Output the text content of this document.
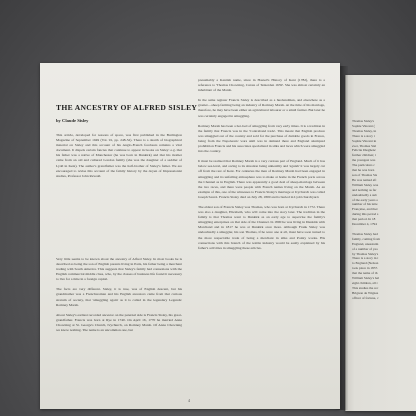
Thomas Sisley's

Sophie Vincent (

Thomas Sisley, in

There is a story t

Sophie Vincent in

ever, Thomas Sisl

Felicite Dieghenc

further children; t

the youngest was

The particulars c

that he was born

son of Thomas Sis

He was named aft

William Sisley was

and nothing as far

undoubtedly a sub

of the early years o

number of his lette

Française, and ther

during this period s

that period. In 18

December 4, 1794

Thomas Sisley had

family, coming from

England, unassistin

of a number of yea

by Thomas Sisley's

There is a story in t

to England (Nelson

took place in 1837.

that the name of th

William Sisley's hal

eight children, all r

This studies the rec

Brignon de Wignas

officer of fortune, c

THE ANCESTRY OF ALFRED SISLEY
by Claude Sisley

This article, developed for reasons of space, was first published in the Burlington Magazine of September 1949 (Vol. 91, pp. 248-52). There is a dearth of biographical material on Sisley and this account of his Anglo-French forebears remains a vital document. It dispels certain fancies that continue to appear in books on Sisley: e.g. that his father was a native of Manchester (he was born in Dunkirk) and that his mother came from an old and cultured London family (she was the daughter of a saddler of Lydd in Kent). The author's grandfather was the half-brother of Sisley's father. We are encouraged to revise this account of the family history by the doyen of Impressionist studies, Professor John Rewald.

Very little seems to be known about the ancestry of Alfred Sisley. In most books he is described as being the son of English parents living in Paris, his father being a merchant trading with South America. This suggests that Sisley's family had connexions with the English commercial middle class, who, by the classes of business life found it necessary to live for a time in a foreign capital.

The facts are very different. Sisley, it is true, was of English descent, but his grandmother was a Frenchwoman and his English ancestors came from that curious stratum of society, that 'smuggling again' as it is called in the legendary Legends: Romney Marsh.

About Sisley's earliest recorded ancestor on the paternal side is Francis Sisley, his great-grandfather. Francis was born at Rye in 1740. On April 16, 1770 he married Anna Chowning at St. George's Church, Ivychurch, on Romney Marsh. Of Anna Chowning we know nothing. The name is an uncommon one, but

presumably a Kentish name, since in Hasted's History of Kent (1782), there is a reference to 'Thomas Chowning, Curate of Tenterden 1639'. She was almost certainly an inhabitant of the Marsh.

In the same register Francis Sisley is described as a husbandman, and elsewhere as a grazier—sheep farming being an industry of Romney Marsh. At the time of his marriage, therefore, he may have been either an agricultural labourer or a small farmer. But later he was certainly engaged in smuggling.

Romney Marsh has been a hot-bed of smuggling from very early times. It is a tradition in the family that Francis was in the 'Contraband trade'. This meant that English produce was smuggled out of the country and sold for the purchase of dutiable goods in France, being from the Napoleonic wars until was in demand there and England attempted prohibition Francis and his associates specialized in silks and laces which were smuggled into the country.

It must be realised that Romney Marsh is a very curious part of England. Much of it has below sea-level, and owing to its situation being unhealthy and 'aguish' it was largely cut off from the rest of Kent. For centuries the men of Romney Marsh had been engaged in smuggling and its unfailing atmosphere was to make at home in the French ports across the Channel as in English. There was apparently a good deal of sheep-marriage between the two races, and there were people with French names living on the Marsh. As an example of this, one of the witnesses to Francis Sisley's marriage at Ivychurch was called Joseph Sauvé. Francis Sisley died on July 28, 1800 and is buried in Lydd churchyard.

The eldest son of Francis Sisley was Thomas, who was born at Ivychurch in 1772. There was also a daughter, Elizabeth, who will come into the story later. The tradition in the family is that Thomas went to Dunkirk as an early age to supervise the family's smuggling enterprises on that side of the Channel. In 1800 he was living in Dunkirk with Marchand and in 1817 he was at Dunkirk once more. Although Frank Sisley was undoubtedly a smuggler, his son Thomas, if he were one at all, must have soon turned to the more respectable trade of being a merchant in silks and Pointy works. His connections with this branch of the textile industry would be easily explained by his father's activities in smuggling these articles.

4
